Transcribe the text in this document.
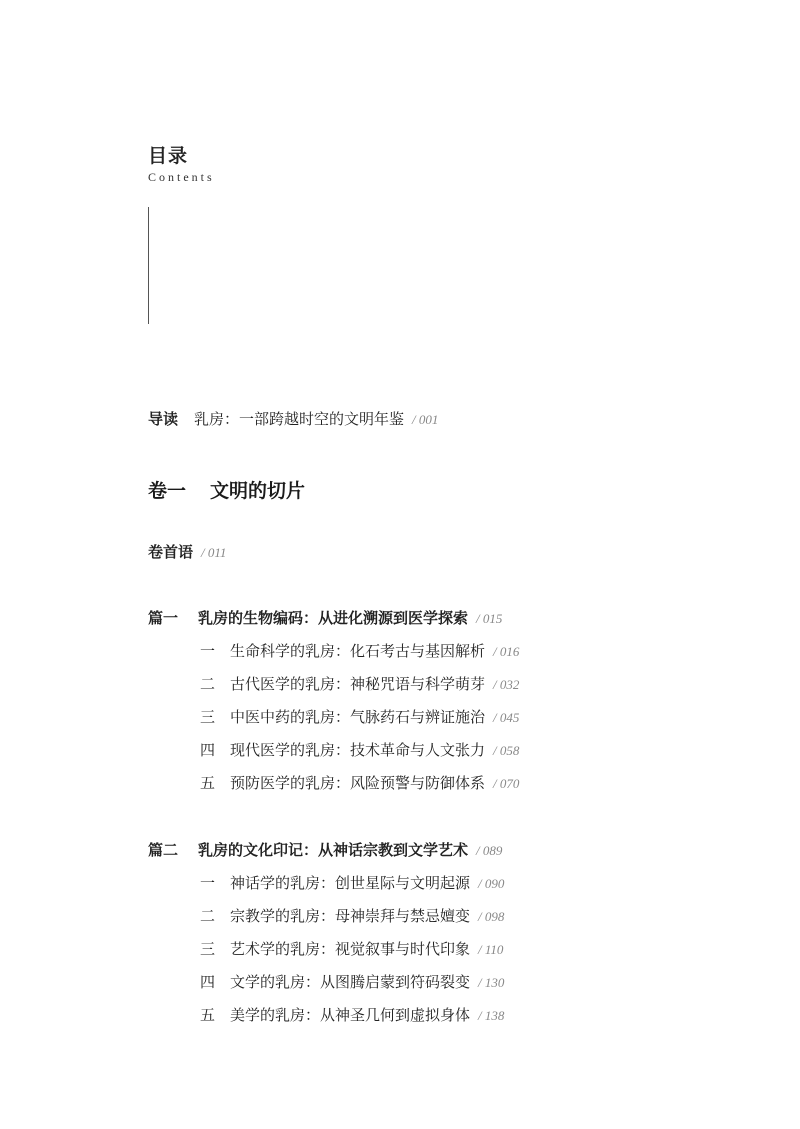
目录
Contents
导读 乳房：一部跨越时空的文明年鉴 / 001
卷一 文明的切片
卷首语 / 011
篇一 乳房的生物编码：从进化溯源到医学探索 / 015
一 生命科学的乳房：化石考古与基因解析 / 016
二 古代医学的乳房：神秘咒语与科学萌芽 / 032
三 中医中药的乳房：气脉药石与辨证施治 / 045
四 现代医学的乳房：技术革命与人文张力 / 058
五 预防医学的乳房：风险预警与防御体系 / 070
篇二 乳房的文化印记：从神话宗教到文学艺术 / 089
一 神话学的乳房：创世星际与文明起源 / 090
二 宗教学的乳房：母神崇拜与禁忌嬗变 / 098
三 艺术学的乳房：视觉叙事与时代印象 / 110
四 文学的乳房：从图腾启蒙到符码裂变 / 130
五 美学的乳房：从神圣几何到虚拟身体 / 138
